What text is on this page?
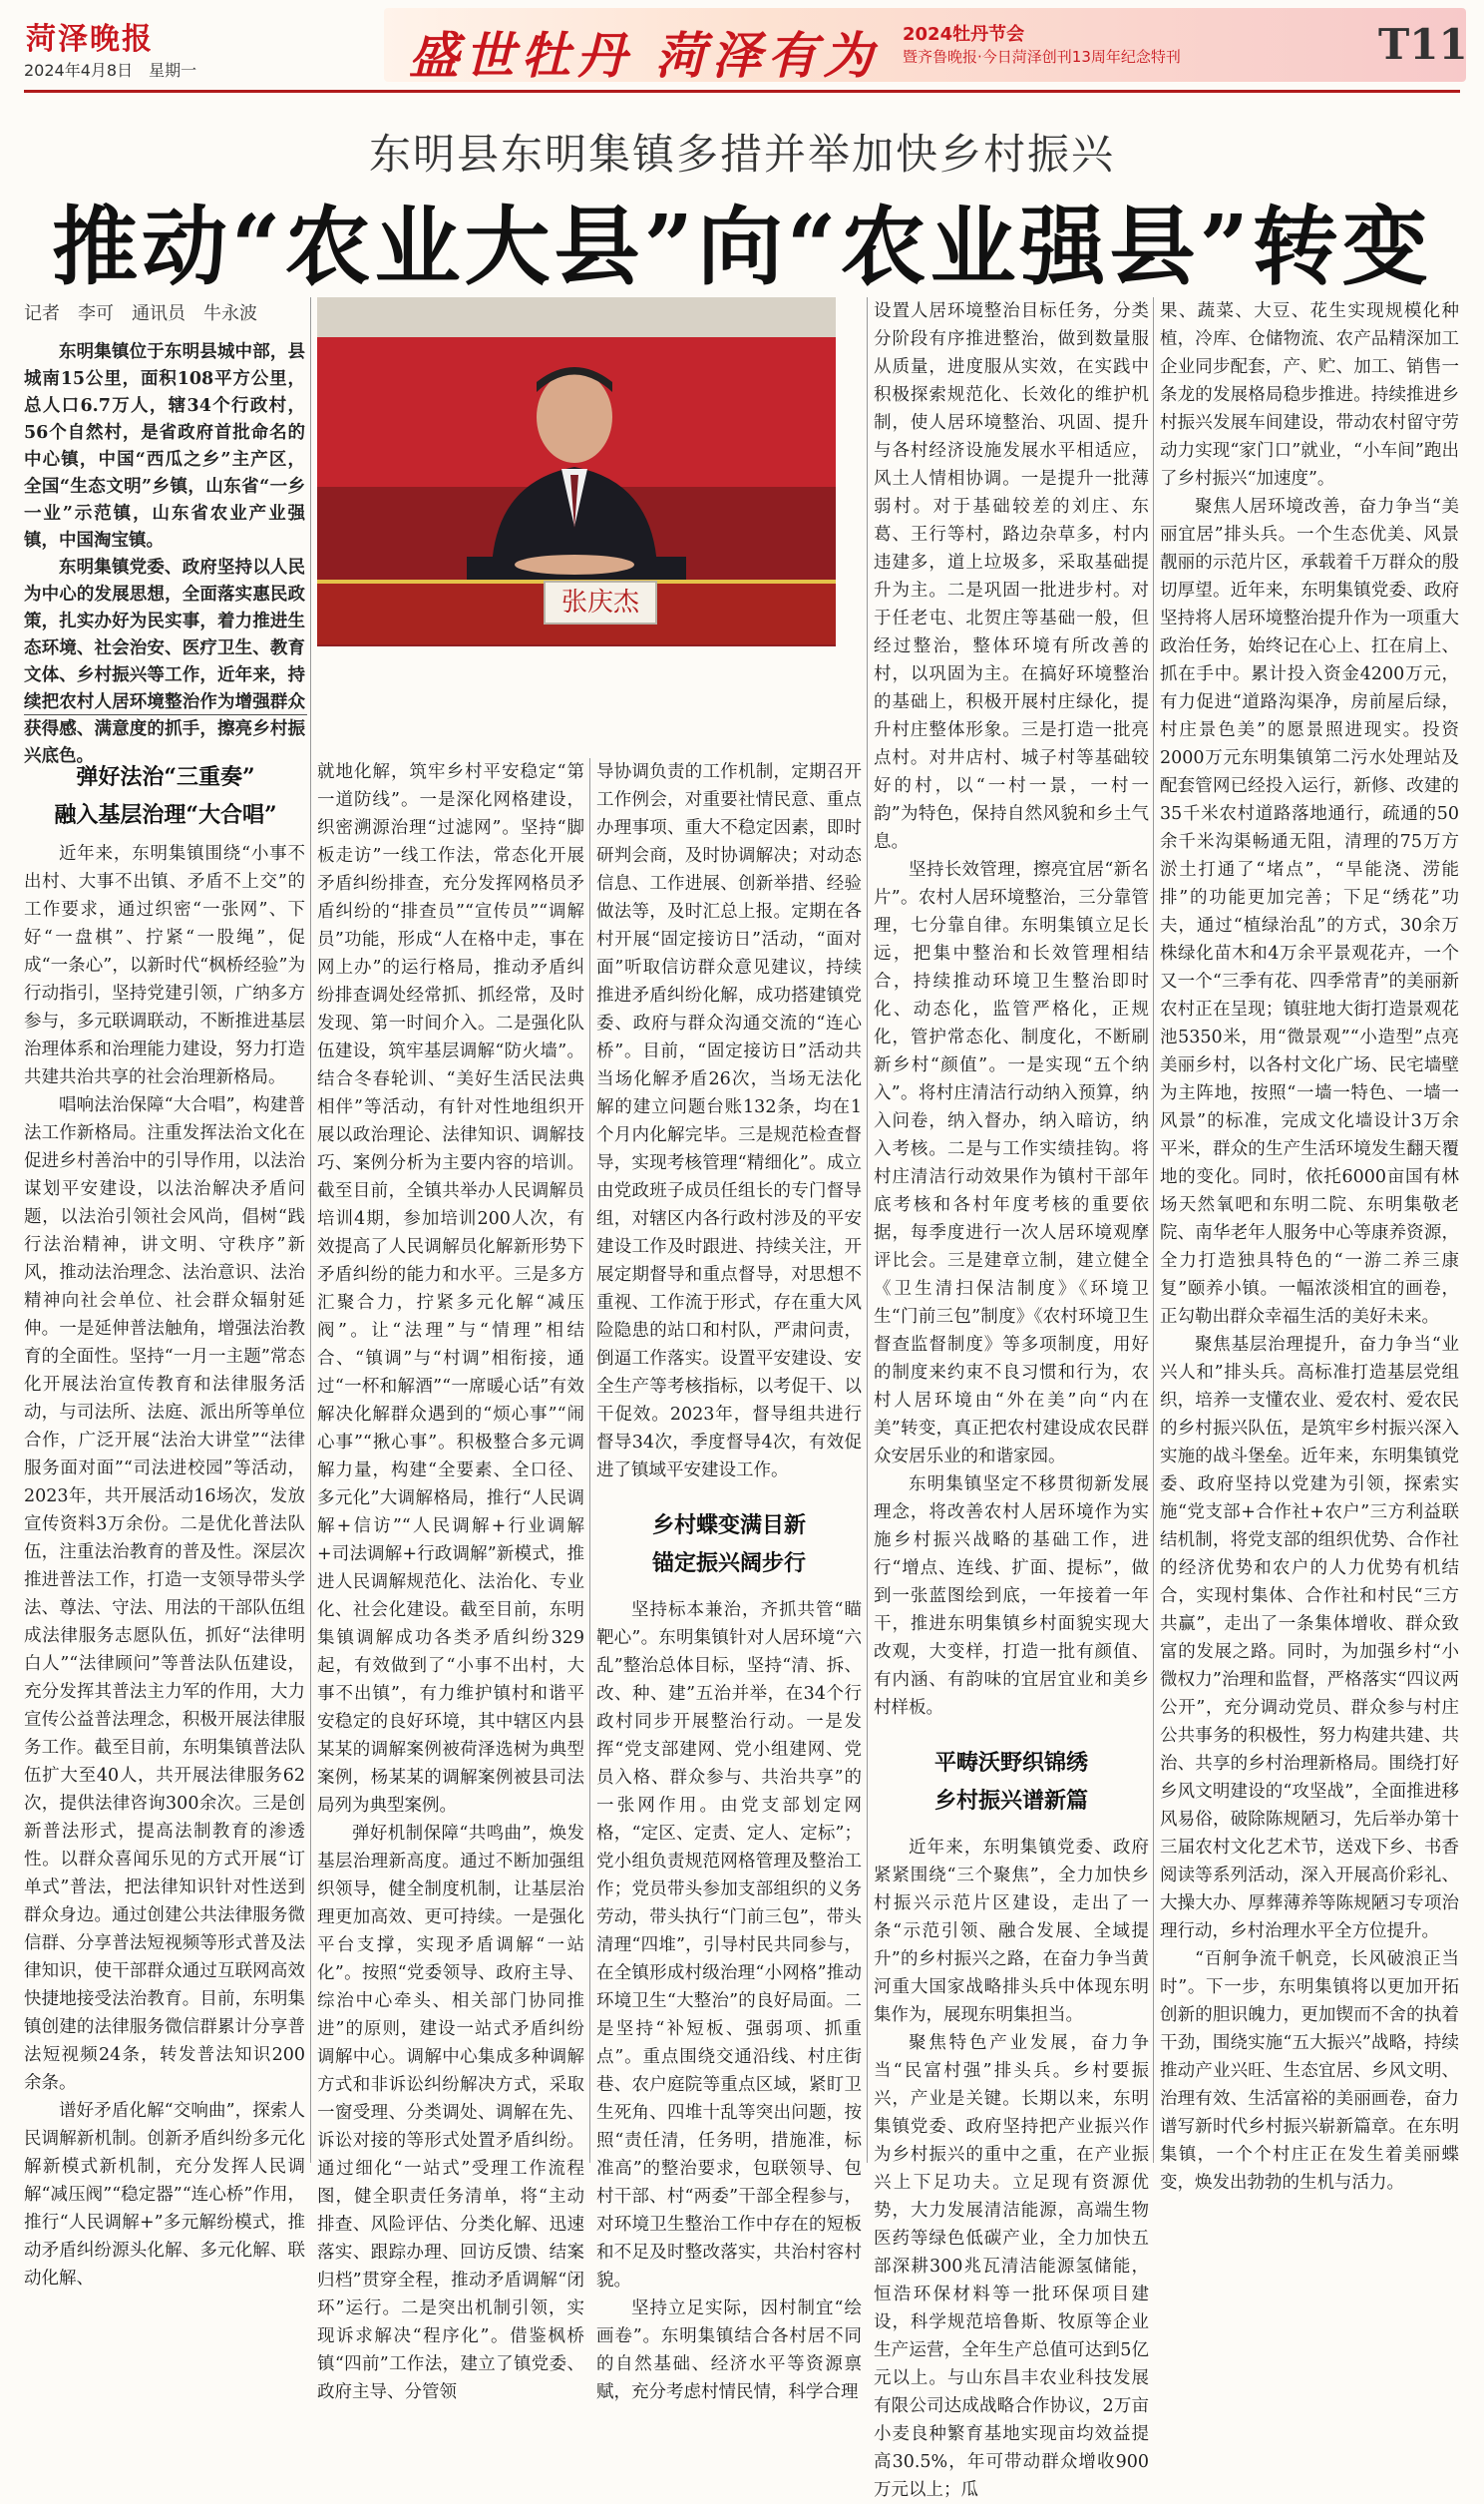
菏泽晚报
2024年4月8日　星期一	盛世牡丹 菏泽有为 2024牡丹节会
暨齐鲁晚报·今日菏泽创刊13周年纪念特刊	T11
东明县东明集镇多措并举加快乡村振兴
推动“农业大县”向“农业强县”转变
记者　李可　通讯员　牛永波

东明集镇位于东明县城中部，县城南15公里，面积108平方公里，总人口6.7万人，辖34个行政村，56个自然村，是省政府首批命名的中心镇，中国“西瓜之乡”主产区，全国“生态文明”乡镇，山东省“一乡一业”示范镇，山东省农业产业强镇，中国淘宝镇。

东明集镇党委、政府坚持以人民为中心的发展思想，全面落实惠民政策，扎实办好为民实事，着力推进生态环境、社会治安、医疗卫生、教育文体、乡村振兴等工作，近年来，持续把农村人居环境整治作为增强群众获得感、满意度的抓手，擦亮乡村振兴底色。

张庆杰
弹好法治“三重奏”
融入基层治理“大合唱”

近年来，东明集镇围绕“小事不出村、大事不出镇、矛盾不上交”的工作要求，通过织密“一张网”、下好“一盘棋”、拧紧“一股绳”，促成“一条心”，以新时代“枫桥经验”为行动指引，坚持党建引领，广纳多方参与，多元联调联动，不断推进基层治理体系和治理能力建设，努力打造共建共治共享的社会治理新格局。

唱响法治保障“大合唱”，构建普法工作新格局。注重发挥法治文化在促进乡村善治中的引导作用，以法治谋划平安建设，以法治解决矛盾问题，以法治引领社会风尚，倡树“践行法治精神，讲文明、守秩序”新风，推动法治理念、法治意识、法治精神向社会单位、社会群众辐射延伸。一是延伸普法触角，增强法治教育的全面性。坚持“一月一主题”常态化开展法治宣传教育和法律服务活动，与司法所、法庭、派出所等单位合作，广泛开展“法治大讲堂”“法律服务面对面”“司法进校园”等活动，2023年，共开展活动16场次，发放宣传资料3万余份。二是优化普法队伍，注重法治教育的普及性。深层次推进普法工作，打造一支领导带头学法、尊法、守法、用法的干部队伍组成法律服务志愿队伍，抓好“法律明白人”“法律顾问”等普法队伍建设，充分发挥其普法主力军的作用，大力宣传公益普法理念，积极开展法律服务工作。截至目前，东明集镇普法队伍扩大至40人，共开展法律服务62次，提供法律咨询300余次。三是创新普法形式，提高法制教育的渗透性。以群众喜闻乐见的方式开展“订单式”普法，把法律知识针对性送到群众身边。通过创建公共法律服务微信群、分享普法短视频等形式普及法律知识，使干部群众通过互联网高效快捷地接受法治教育。目前，东明集镇创建的法律服务微信群累计分享普法短视频24条，转发普法知识200余条。

谱好矛盾化解“交响曲”，探索人民调解新机制。创新矛盾纠纷多元化解新模式新机制，充分发挥人民调解“减压阀”“稳定器”“连心桥”作用，推行“人民调解+”多元解纷模式，推动矛盾纠纷源头化解、多元化解、联动化解、

就地化解，筑牢乡村平安稳定“第一道防线”。一是深化网格建设，织密溯源治理“过滤网”。坚持“脚板走访”一线工作法，常态化开展矛盾纠纷排查，充分发挥网格员矛盾纠纷的“排查员”“宣传员”“调解员”功能，形成“人在格中走，事在网上办”的运行格局，推动矛盾纠纷排查调处经常抓、抓经常，及时发现、第一时间介入。二是强化队伍建设，筑牢基层调解“防火墙”。结合冬春轮训、“美好生活民法典相伴”等活动，有针对性地组织开展以政治理论、法律知识、调解技巧、案例分析为主要内容的培训。截至目前，全镇共举办人民调解员培训4期，参加培训200人次，有效提高了人民调解员化解新形势下矛盾纠纷的能力和水平。三是多方汇聚合力，拧紧多元化解“减压阀”。让“法理”与“情理”相结合、“镇调”与“村调”相衔接，通过“一杯和解酒”“一席暖心话”有效解决化解群众遇到的“烦心事”“闹心事”“揪心事”。积极整合多元调解力量，构建“全要素、全口径、多元化”大调解格局，推行“人民调解+信访”“人民调解+行业调解+司法调解+行政调解”新模式，推进人民调解规范化、法治化、专业化、社会化建设。截至目前，东明集镇调解成功各类矛盾纠纷329起，有效做到了“小事不出村，大事不出镇”，有力维护镇村和谐平安稳定的良好环境，其中辖区内县某某的调解案例被荷泽选树为典型案例，杨某某的调解案例被县司法局列为典型案例。

弹好机制保障“共鸣曲”，焕发基层治理新高度。通过不断加强组织领导，健全制度机制，让基层治理更加高效、更可持续。一是强化平台支撑，实现矛盾调解“一站化”。按照“党委领导、政府主导、综治中心牵头、相关部门协同推进”的原则，建设一站式矛盾纠纷调解中心。调解中心集成多种调解方式和非诉讼纠纷解决方式，采取一窗受理、分类调处、调解在先、诉讼对接的等形式处置矛盾纠纷。通过细化“一站式”受理工作流程图，健全职责任务清单，将“主动排查、风险评估、分类化解、迅速落实、跟踪办理、回访反馈、结案归档”贯穿全程，推动矛盾调解“闭环”运行。二是突出机制引领，实现诉求解决“程序化”。借鉴枫桥镇“四前”工作法，建立了镇党委、政府主导、分管领

导协调负责的工作机制，定期召开工作例会，对重要社情民意、重点办理事项、重大不稳定因素，即时研判会商，及时协调解决；对动态信息、工作进展、创新举措、经验做法等，及时汇总上报。定期在各村开展“固定接访日”活动，“面对面”听取信访群众意见建议，持续推进矛盾纠纷化解，成功搭建镇党委、政府与群众沟通交流的“连心桥”。目前，“固定接访日”活动共当场化解矛盾26次，当场无法化解的建立问题台账132条，均在1个月内化解完毕。三是规范检查督导，实现考核管理“精细化”。成立由党政班子成员任组长的专门督导组，对辖区内各行政村涉及的平安建设工作及时跟进、持续关注，开展定期督导和重点督导，对思想不重视、工作流于形式，存在重大风险隐患的站口和村队，严肃问责，倒逼工作落实。设置平安建设、安全生产等考核指标，以考促干、以干促效。2023年，督导组共进行督导34次，季度督导4次，有效促进了镇域平安建设工作。

乡村蝶变满目新
锚定振兴阔步行

坚持标本兼治，齐抓共管“瞄靶心”。东明集镇针对人居环境“六乱”整治总体目标，坚持“清、拆、改、种、建”五治并举，在34个行政村同步开展整治行动。一是发挥“党支部建网、党小组建网、党员入格、群众参与、共治共享”的一张网作用。由党支部划定网格，“定区、定责、定人、定标”；党小组负责规范网格管理及整治工作；党员带头参加支部组织的义务劳动，带头执行“门前三包”，带头清理“四堆”，引导村民共同参与，在全镇形成村级治理“小网格”推动环境卫生“大整治”的良好局面。二是坚持“补短板、强弱项、抓重点”。重点围绕交通沿线、村庄街巷、农户庭院等重点区域，紧盯卫生死角、四堆十乱等突出问题，按照“责任清，任务明，措施准，标准高”的整治要求，包联领导、包村干部、村“两委”干部全程参与，对环境卫生整治工作中存在的短板和不足及时整改落实，共治村容村貌。

坚持立足实际，因村制宜“绘画卷”。东明集镇结合各村居不同的自然基础、经济水平等资源禀赋，充分考虑村情民情，科学合理

设置人居环境整治目标任务，分类分阶段有序推进整治，做到数量服从质量，进度服从实效，在实践中积极探索规范化、长效化的维护机制，使人居环境整治、巩固、提升与各村经济设施发展水平相适应，风土人情相协调。一是提升一批薄弱村。对于基础较差的刘庄、东葛、王行等村，路边杂草多，村内违建多，道上垃圾多，采取基础提升为主。二是巩固一批进步村。对于任老屯、北贺庄等基础一般，但经过整治，整体环境有所改善的村，以巩固为主。在搞好环境整治的基础上，积极开展村庄绿化，提升村庄整体形象。三是打造一批亮点村。对井店村、城子村等基础较好的村，以“一村一景，一村一韵”为特色，保持自然风貌和乡土气息。

坚持长效管理，擦亮宜居“新名片”。农村人居环境整治，三分靠管理，七分靠自律。东明集镇立足长远，把集中整治和长效管理相结合，持续推动环境卫生整治即时化、动态化，监管严格化，正规化，管护常态化、制度化，不断刷新乡村“颜值”。一是实现“五个纳入”。将村庄清洁行动纳入预算，纳入问卷，纳入督办，纳入暗访，纳入考核。二是与工作实绩挂钩。将村庄清洁行动效果作为镇村干部年底考核和各村年度考核的重要依据，每季度进行一次人居环境观摩评比会。三是建章立制，建立健全《卫生清扫保洁制度》《环境卫生“门前三包”制度》《农村环境卫生督查监督制度》等多项制度，用好的制度来约束不良习惯和行为，农村人居环境由“外在美”向“内在美”转变，真正把农村建设成农民群众安居乐业的和谐家园。

东明集镇坚定不移贯彻新发展理念，将改善农村人居环境作为实施乡村振兴战略的基础工作，进行“增点、连线、扩面、提标”，做到一张蓝图绘到底，一年接着一年干，推进东明集镇乡村面貌实现大改观，大变样，打造一批有颜值、有内涵、有韵味的宜居宜业和美乡村样板。

平畴沃野织锦绣
乡村振兴谱新篇

近年来，东明集镇党委、政府紧紧围绕“三个聚焦”，全力加快乡村振兴示范片区建设，走出了一条“示范引领、融合发展、全域提升”的乡村振兴之路，在奋力争当黄河重大国家战略排头兵中体现东明集作为，展现东明集担当。

聚焦特色产业发展，奋力争当“民富村强”排头兵。乡村要振兴，产业是关键。长期以来，东明集镇党委、政府坚持把产业振兴作为乡村振兴的重中之重，在产业振兴上下足功夫。立足现有资源优势，大力发展清洁能源，高端生物医药等绿色低碳产业，全力加快五部深耕300兆瓦清洁能源氢储能，恒浩环保材料等一批环保项目建设，科学规范培鲁斯、牧原等企业生产运营，全年生产总值可达到5亿元以上。与山东昌丰农业科技发展有限公司达成战略合作协议，2万亩小麦良种繁育基地实现亩均效益提高30.5%，年可带动群众增收900万元以上；瓜

果、蔬菜、大豆、花生实现规模化种植，冷库、仓储物流、农产品精深加工企业同步配套，产、贮、加工、销售一条龙的发展格局稳步推进。持续推进乡村振兴发展车间建设，带动农村留守劳动力实现“家门口”就业，“小车间”跑出了乡村振兴“加速度”。

聚焦人居环境改善，奋力争当“美丽宜居”排头兵。一个生态优美、风景靓丽的示范片区，承载着千万群众的殷切厚望。近年来，东明集镇党委、政府坚持将人居环境整治提升作为一项重大政治任务，始终记在心上、扛在肩上、抓在手中。累计投入资金4200万元，有力促进“道路沟渠净，房前屋后绿，村庄景色美”的愿景照进现实。投资2000万元东明集镇第二污水处理站及配套管网已经投入运行，新修、改建的35千米农村道路落地通行，疏通的50余千米沟渠畅通无阻，清理的75万方淤土打通了“堵点”，“旱能浇、涝能排”的功能更加完善；下足“绣花”功夫，通过“植绿治乱”的方式，30余万株绿化苗木和4万余平景观花卉，一个又一个“三季有花、四季常青”的美丽新农村正在呈现；镇驻地大街打造景观花池5350米，用“微景观”“小造型”点亮美丽乡村，以各村文化广场、民宅墙壁为主阵地，按照“一墙一特色、一墙一风景”的标准，完成文化墙设计3万余平米，群众的生产生活环境发生翻天覆地的变化。同时，依托6000亩国有林场天然氧吧和东明二院、东明集敬老院、南华老年人服务中心等康养资源，全力打造独具特色的“一游二养三康复”颐养小镇。一幅浓淡相宜的画卷，正勾勒出群众幸福生活的美好未来。

聚焦基层治理提升，奋力争当“业兴人和”排头兵。高标准打造基层党组织，培养一支懂农业、爱农村、爱农民的乡村振兴队伍，是筑牢乡村振兴深入实施的战斗堡垒。近年来，东明集镇党委、政府坚持以党建为引领，探索实施“党支部+合作社+农户”三方利益联结机制，将党支部的组织优势、合作社的经济优势和农户的人力优势有机结合，实现村集体、合作社和村民“三方共赢”，走出了一条集体增收、群众致富的发展之路。同时，为加强乡村“小微权力”治理和监督，严格落实“四议两公开”，充分调动党员、群众参与村庄公共事务的积极性，努力构建共建、共治、共享的乡村治理新格局。围绕打好乡风文明建设的“攻坚战”，全面推进移风易俗，破除陈规陋习，先后举办第十三届农村文化艺术节，送戏下乡、书香阅读等系列活动，深入开展高价彩礼、大操大办、厚葬薄养等陈规陋习专项治理行动，乡村治理水平全方位提升。

“百舸争流千帆竞，长风破浪正当时”。下一步，东明集镇将以更加开拓创新的胆识魄力，更加锲而不舍的执着干劲，围绕实施“五大振兴”战略，持续推动产业兴旺、生态宜居、乡风文明、治理有效、生活富裕的美丽画卷，奋力谱写新时代乡村振兴崭新篇章。在东明集镇，一个个村庄正在发生着美丽蝶变，焕发出勃勃的生机与活力。
